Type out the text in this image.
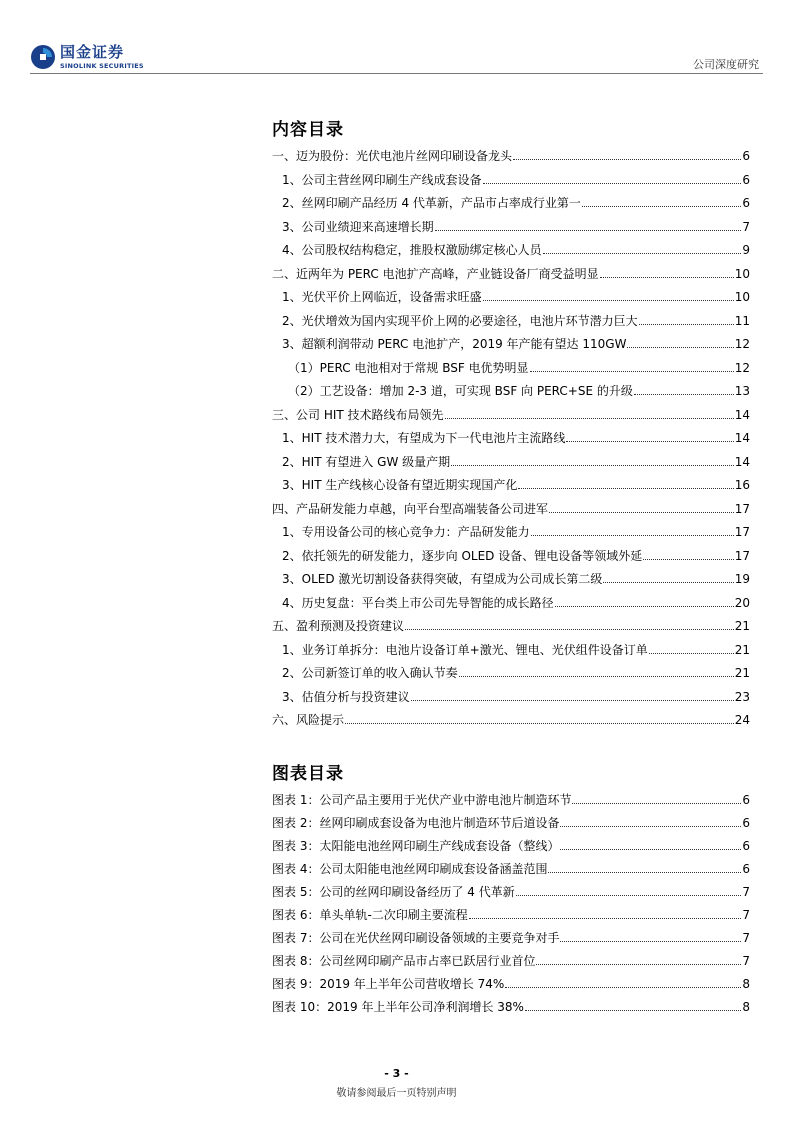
国金证券
SINOLINK SECURITIES	公司深度研究
内容目录
一、迈为股份：光伏电池片丝网印刷设备龙头	6
1、公司主营丝网印刷生产线成套设备	6
2、丝网印刷产品经历 4 代革新，产品市占率成行业第一	6
3、公司业绩迎来高速增长期	7
4、公司股权结构稳定，推股权激励绑定核心人员	9
二、近两年为 PERC 电池扩产高峰，产业链设备厂商受益明显	10
1、光伏平价上网临近，设备需求旺盛	10
2、光伏增效为国内实现平价上网的必要途径，电池片环节潜力巨大	11
3、超额利润带动 PERC 电池扩产，2019 年产能有望达 110GW	12
（1）PERC 电池相对于常规 BSF 电优势明显	12
（2）工艺设备：增加 2-3 道，可实现 BSF 向 PERC+SE 的升级	13
三、公司 HIT 技术路线布局领先	14
1、HIT 技术潜力大，有望成为下一代电池片主流路线	14
2、HIT 有望进入 GW 级量产期	14
3、HIT 生产线核心设备有望近期实现国产化	16
四、产品研发能力卓越，向平台型高端装备公司进军	17
1、专用设备公司的核心竞争力：产品研发能力	17
2、依托领先的研发能力，逐步向 OLED 设备、锂电设备等领域外延	17
3、OLED 激光切割设备获得突破，有望成为公司成长第二级	19
4、历史复盘：平台类上市公司先导智能的成长路径	20
五、盈利预测及投资建议	21
1、业务订单拆分：电池片设备订单+激光、锂电、光伏组件设备订单	21
2、公司新签订单的收入确认节奏	21
3、估值分析与投资建议	23
六、风险提示	24
图表目录
图表 1：公司产品主要用于光伏产业中游电池片制造环节	6
图表 2：丝网印刷成套设备为电池片制造环节后道设备	6
图表 3：太阳能电池丝网印刷生产线成套设备（整线）	6
图表 4：公司太阳能电池丝网印刷成套设备涵盖范围	6
图表 5：公司的丝网印刷设备经历了 4 代革新	7
图表 6：单头单轨-二次印刷主要流程	7
图表 7：公司在光伏丝网印刷设备领域的主要竞争对手	7
图表 8：公司丝网印刷产品市占率已跃居行业首位	7
图表 9：2019 年上半年公司营收增长 74%	8
图表 10：2019 年上半年公司净利润增长 38%	8
- 3 -
敬请参阅最后一页特别声明
